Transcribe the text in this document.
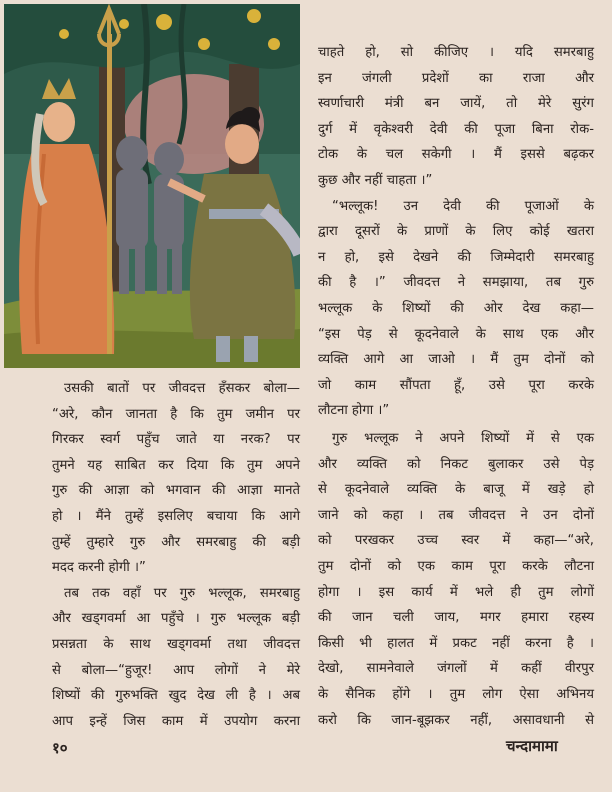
चाहते हो, सो कीजिए । यदि समरबाहु
इन जंगली प्रदेशों का राजा और
स्वर्णाचारी मंत्री बन जायें, तो मेरे सुरंग
दुर्ग में वृकेश्वरी देवी की पूजा बिना रोक-
टोक के चल सकेगी । मैं इससे बढ़कर
कुछ और नहीं चाहता ।”
“भल्लूक! उन देवी की पूजाओं के
द्वारा दूसरों के प्राणों के लिए कोई खतरा
न हो, इसे देखने की जिम्मेदारी समरबाहु
की है ।” जीवदत्त ने समझाया, तब गुरु
भल्लूक के शिष्यों की ओर देख कहा—
“इस पेड़ से कूदनेवाले के साथ एक और
व्यक्ति आगे आ जाओ । मैं तुम दोनों को
जो काम सौंपता हूँ, उसे पूरा करके
लौटना होगा ।”
उसकी बातों पर जीवदत्त हँसकर बोला—
“अरे, कौन जानता है कि तुम जमीन पर
गिरकर स्वर्ग पहुँच जाते या नरक? पर
तुमने यह साबित कर दिया कि तुम अपने
गुरु की आज्ञा को भगवान की आज्ञा मानते
हो । मैंने तुम्हें इसलिए बचाया कि आगे
तुम्हें तुम्हारे गुरु और समरबाहु की बड़ी
मदद करनी होगी ।”
तब तक वहाँ पर गुरु भल्लूक, समरबाहु
और खड्गवर्मा आ पहुँचे । गुरु भल्लूक बड़ी
प्रसन्नता के साथ खड्गवर्मा तथा जीवदत्त
से बोला—“हुजूर! आप लोगों ने मेरे
शिष्यों की गुरुभक्ति खुद देख ली है । अब
आप इन्हें जिस काम में उपयोग करना
गुरु भल्लूक ने अपने शिष्यों में से एक
और व्यक्ति को निकट बुलाकर उसे पेड़
से कूदनेवाले व्यक्ति के बाजू में खड़े हो
जाने को कहा । तब जीवदत्त ने उन दोनों
को परखकर उच्च स्वर में कहा—“अरे,
तुम दोनों को एक काम पूरा करके लौटना
होगा । इस कार्य में भले ही तुम लोगों
की जान चली जाय, मगर हमारा रहस्य
किसी भी हालत में प्रकट नहीं करना है ।
देखो, सामनेवाले जंगलों में कहीं वीरपुर
के सैनिक होंगे । तुम लोग ऐसा अभिनय
करो कि जान-बूझकर नहीं, असावधानी से
१०	चन्दामामा
